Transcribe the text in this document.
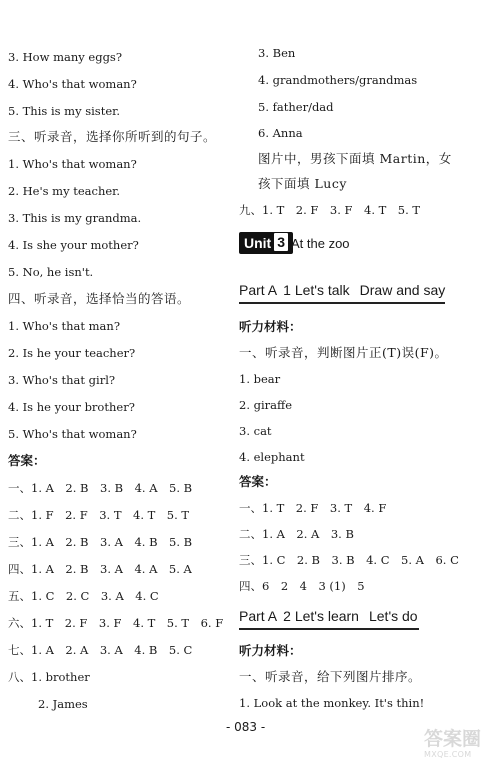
3. How many eggs?
4. Who's that woman?
5. This is my sister.
三、听录音，选择你所听到的句子。
1. Who's that woman?
2. He's my teacher.
3. This is my grandma.
4. Is she your mother?
5. No, he isn't.
四、听录音，选择恰当的答语。
1. Who's that man?
2. Is he your teacher?
3. Who's that girl?
4. Is he your brother?
5. Who's that woman?
答案：
一、1. A　2. B　3. B　4. A　5. B
二、1. F　2. F　3. T　4. T　5. T
三、1. A　2. B　3. A　4. B　5. B
四、1. A　2. B　3. A　4. A　5. A
五、1. C　2. C　3. A　4. C
六、1. T　2. F　3. F　4. T　5. T　6. F
七、1. A　2. A　3. A　4. B　5. C
八、1. brother
2. James
3. Ben
4. grandmothers/grandmas
5. father/dad
6. Anna
图片中，男孩下面填 Martin，女
孩下面填 Lucy
九、1. T　2. F　3. F　4. T　5. T
Unit 3 At the zoo
Part A 1 Let's talk Draw and say
听力材料：
一、听录音，判断图片正(T)误(F)。
1. bear
2. giraffe
3. cat
4. elephant
答案：
一、1. T　2. F　3. T　4. F
二、1. A　2. A　3. B
三、1. C　2. B　3. B　4. C　5. A　6. C
四、6　2　4　3 (1)　5
Part A 2 Let's learn Let's do
听力材料：
一、听录音，给下列图片排序。
1. Look at the monkey. It's thin!
- 083 -
答案圈
MXQE.COM
